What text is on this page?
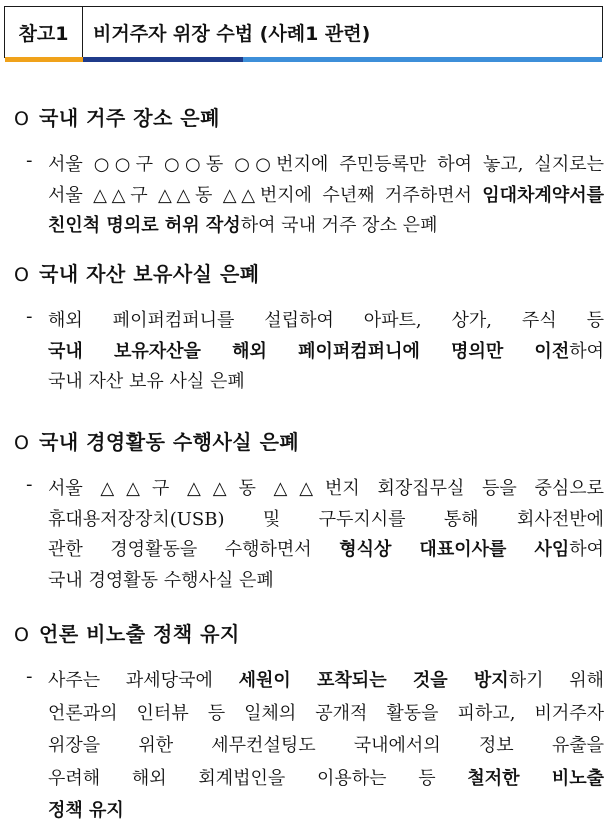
참고1	비거주자 위장 수법 (사례1 관련)
O 국내 거주 장소 은폐
- 서울 ○○구 ○○동 ○○번지에 주민등록만 하여 놓고, 실지로는
서울 △△구 △△동 △△번지에 수년째 거주하면서 임대차계약서를
친인척 명의로 허위 작성하여 국내 거주 장소 은폐
O 국내 자산 보유사실 은폐
- 해외 페이퍼컴퍼니를 설립하여 아파트, 상가, 주식 등
국내 보유자산을 해외 페이퍼컴퍼니에 명의만 이전하여
국내 자산 보유 사실 은폐
O 국내 경영활동 수행사실 은폐
- 서울 △△구 △△동 △△번지 회장집무실 등을 중심으로
휴대용저장장치(USB) 및 구두지시를 통해 회사전반에
관한 경영활동을 수행하면서 형식상 대표이사를 사임하여
국내 경영활동 수행사실 은폐
O 언론 비노출 정책 유지
- 사주는 과세당국에 세원이 포착되는 것을 방지하기 위해
언론과의 인터뷰 등 일체의 공개적 활동을 피하고, 비거주자
위장을 위한 세무컨설팅도 국내에서의 정보 유출을
우려해 해외 회계법인을 이용하는 등 철저한 비노출
정책 유지
